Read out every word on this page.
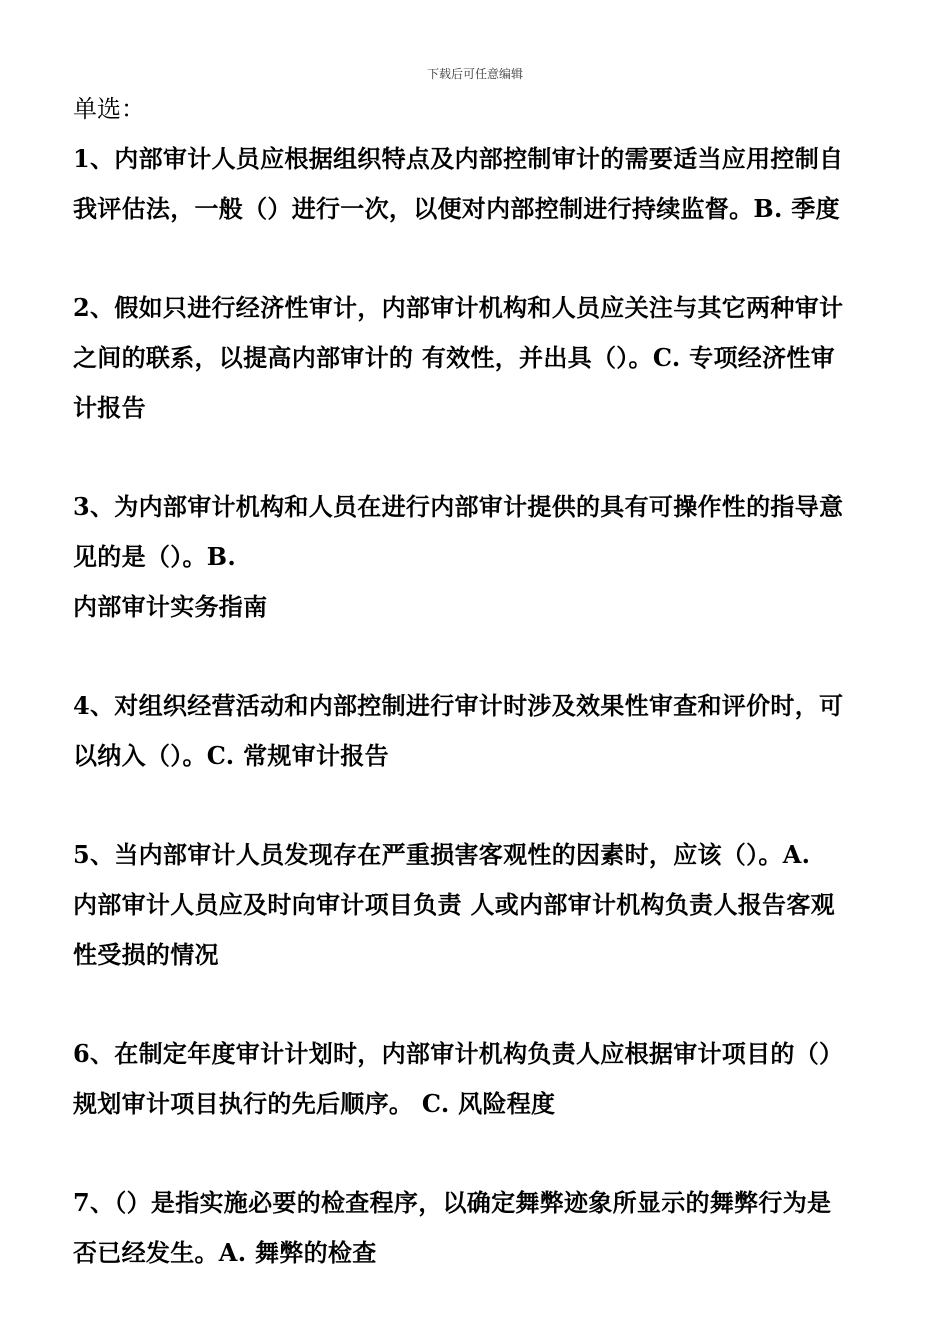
下载后可任意编辑
单选：
1、内部审计人员应根据组织特点及内部控制审计的需要适当应用控制自
我评估法，一般（）进行一次，以便对内部控制进行持续监督。B. 季度
2、假如只进行经济性审计，内部审计机构和人员应关注与其它两种审计
之间的联系，以提高内部审计的 有效性，并出具（）。C. 专项经济性审
计报告
3、为内部审计机构和人员在进行内部审计提供的具有可操作性的指导意
见的是（）。B.
内部审计实务指南
4、对组织经营活动和内部控制进行审计时涉及效果性审查和评价时，可
以纳入（）。C. 常规审计报告
5、当内部审计人员发现存在严重损害客观性的因素时，应该（）。A.
内部审计人员应及时向审计项目负责 人或内部审计机构负责人报告客观
性受损的情况
6、在制定年度审计计划时，内部审计机构负责人应根据审计项目的（）
规划审计项目执行的先后顺序。 C. 风险程度
7、（）是指实施必要的检查程序，以确定舞弊迹象所显示的舞弊行为是
否已经发生。A. 舞弊的检查
